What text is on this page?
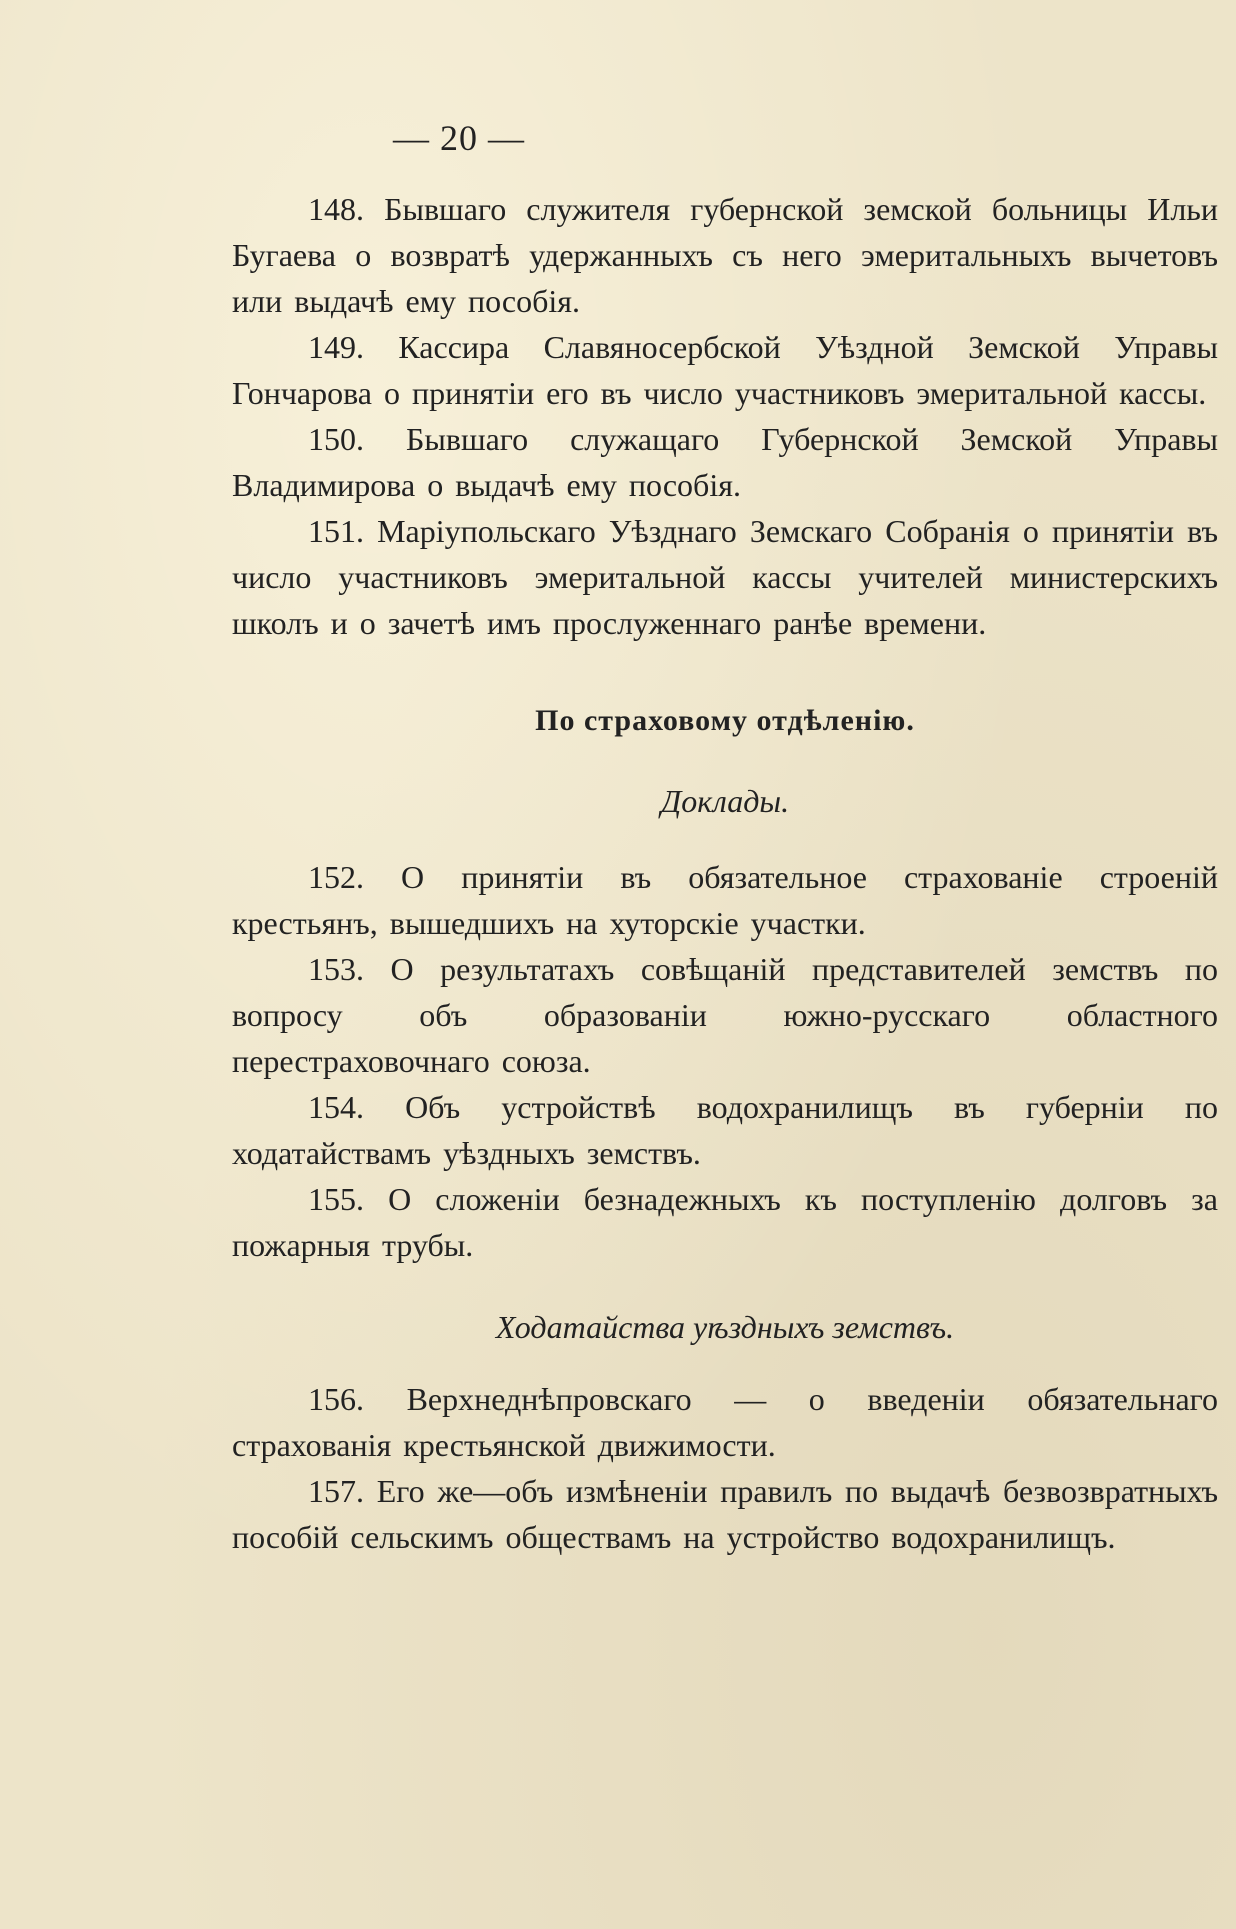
— 20 —

148. Бывшаго служителя губернской земской больницы Ильи Бугаева о возвратѣ удержанныхъ съ него эмеритальныхъ вычетовъ или выдачѣ ему пособія.

149. Кассира Славяносербской Уѣздной Земской Управы Гончарова о принятіи его въ число участниковъ эмеритальной кассы.

150. Бывшаго служащаго Губернской Земской Управы Владимирова о выдачѣ ему пособія.

151. Маріупольскаго Уѣзднаго Земскаго Собранія о принятіи въ число участниковъ эмеритальной кассы учителей министерскихъ школъ и о зачетѣ имъ прослуженнаго ранѣе времени.

По страховому отдѣленію.
Доклады.

152. О принятіи въ обязательное страхованіе строеній крестьянъ, вышедшихъ на хуторскіе участки.

153. О результатахъ совѣщаній представителей земствъ по вопросу объ образованіи южно-русскаго областного перестраховочнаго союза.

154. Объ устройствѣ водохранилищъ въ губерніи по ходатайствамъ уѣздныхъ земствъ.

155. О сложеніи безнадежныхъ къ поступленію долговъ за пожарныя трубы.

Ходатайства уѣздныхъ земствъ.

156. Верхнеднѣпровскаго — о введеніи обязательнаго страхованія крестьянской движимости.

157. Его же—объ измѣненіи правилъ по выдачѣ безвозвратныхъ пособій сельскимъ обществамъ на устройство водохранилищъ.
